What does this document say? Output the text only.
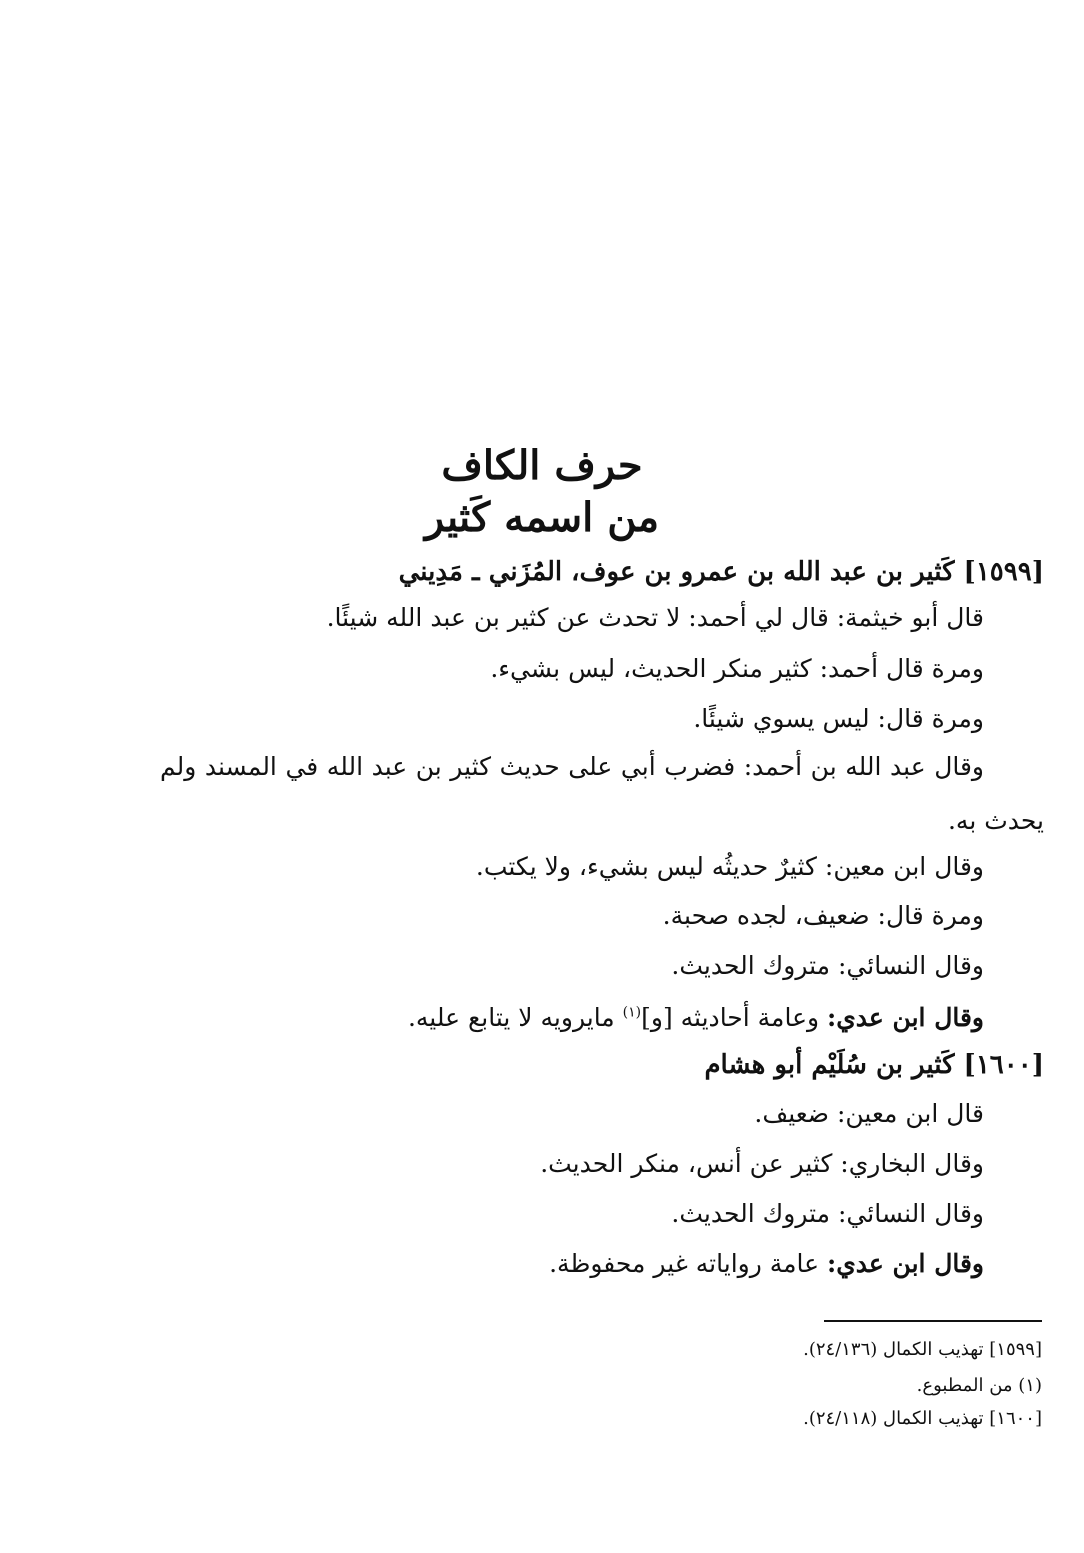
حرف الكاف
من اسمه كَثير
[١٥٩٩] كَثير بن عبد الله بن عمرو بن عوف، المُزَني ـ مَدِيني
قال أبو خيثمة: قال لي أحمد: لا تحدث عن كثير بن عبد الله شيئًا.
ومرة قال أحمد: كثير منكر الحديث، ليس بشيء.
ومرة قال: ليس يسوي شيئًا.
وقال عبد الله بن أحمد: فضرب أبي على حديث كثير بن عبد الله في المسند ولم
يحدث به.
وقال ابن معين: كثيرٌ حديثُه ليس بشيء، ولا يكتب.
ومرة قال: ضعيف، لجده صحبة.
وقال النسائي: متروك الحديث.
وقال ابن عدي: وعامة أحاديثه [و]$^{(١)}$ مايرويه لا يتابع عليه.
[١٦٠٠] كَثير بن سُلَيْم أبو هشام
قال ابن معين: ضعيف.
وقال البخاري: كثير عن أنس، منكر الحديث.
وقال النسائي: متروك الحديث.
وقال ابن عدي: عامة رواياته غير محفوظة.
[١٥٩٩] تهذيب الكمال (٢٤/١٣٦).
(١) من المطبوع.
[١٦٠٠] تهذيب الكمال (٢٤/١١٨).
